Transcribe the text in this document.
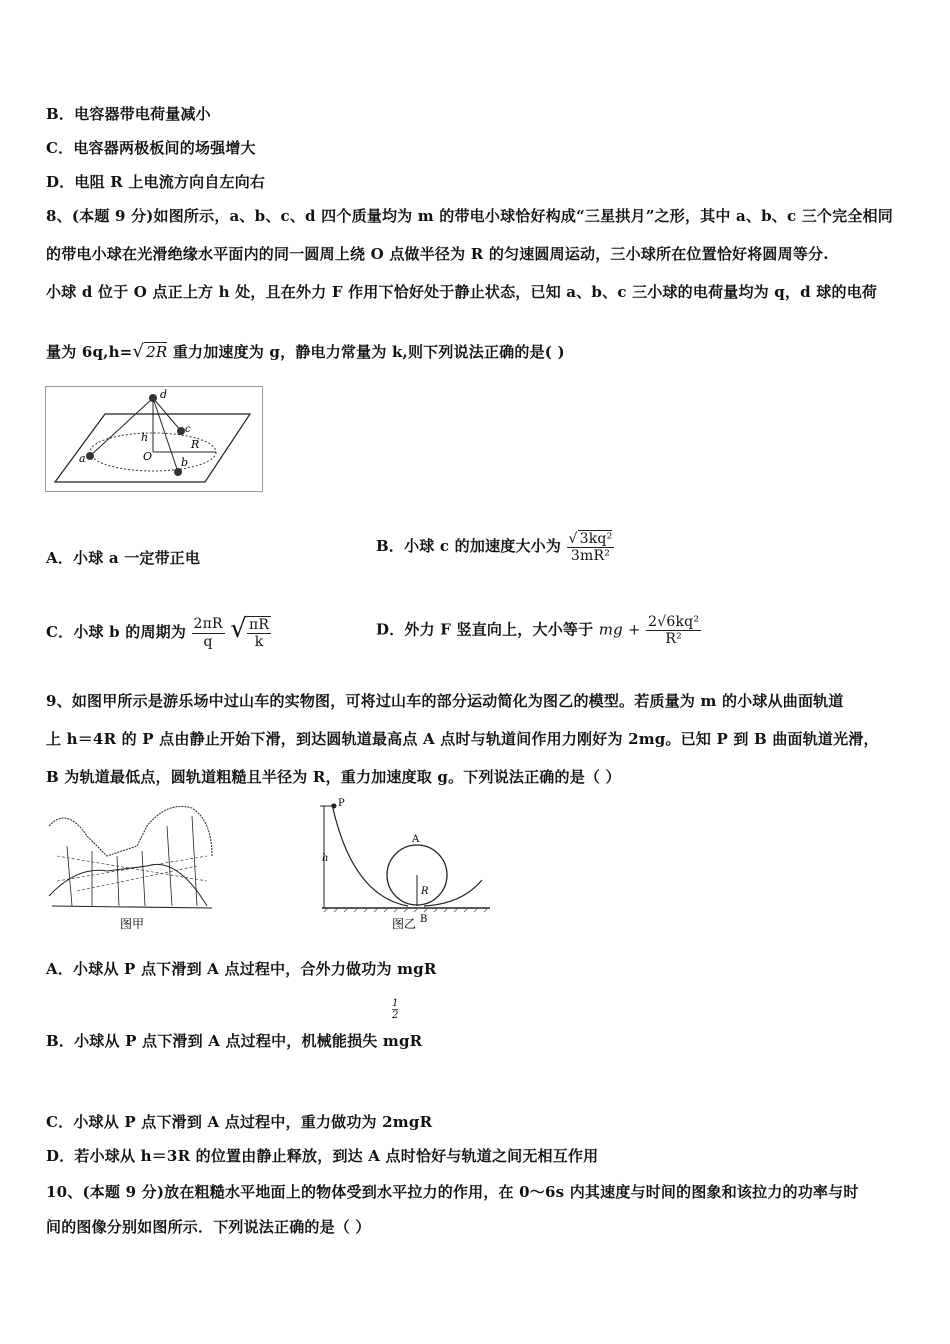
B．电容器带电荷量减小
C．电容器两极板间的场强增大
D．电阻 R 上电流方向自左向右
8、(本题 9 分)如图所示，a、b、c、d 四个质量均为 m 的带电小球恰好构成“三星拱月”之形，其中 a、b、c 三个完全相同
的带电小球在光滑绝缘水平面内的同一圆周上绕 O 点做半径为 R 的匀速圆周运动，三小球所在位置恰好将圆周等分.
小球 d 位于 O 点正上方 h 处，且在外力 F 作用下恰好处于静止状态，已知 a、b、c 三小球的电荷量均为 q，d 球的电荷
量为 6q,h=√ 2R 重力加速度为 g，静电力常量为 k,则下列说法正确的是( )
d
a	b
c
h
O
R
A．小球 a 一定带正电
B．小球 c 的加速度大小为 $\frac{\text{√ 3kq²}}{\text{3mR²}}$
C．小球 b 的周期为 $\frac{2\pi R}{q}$ √ $\frac{\pi R}{k}$	D．外力 F 竖直向上，大小等于 mg + $\frac{\text{2√6kq²}}{\text{R²}}$
9、如图甲所示是游乐场中过山车的实物图，可将过山车的部分运动简化为图乙的模型。若质量为 m 的小球从曲面轨道
上 h＝4R 的 P 点由静止开始下滑，到达圆轨道最高点 A 点时与轨道间作用力刚好为 2mg。已知 P 到 B 曲面轨道光滑，
B 为轨道最低点，圆轨道粗糙且半径为 R，重力加速度取 g。下列说法正确的是（ ）
图甲
P
h
A
R
图乙 B
A．小球从 P 点下滑到 A 点过程中，合外力做功为 mgR
$\frac{1}{2}$
B．小球从 P 点下滑到 A 点过程中，机械能损失 mgR
C．小球从 P 点下滑到 A 点过程中，重力做功为 2mgR
D．若小球从 h＝3R 的位置由静止释放，到达 A 点时恰好与轨道之间无相互作用
10、(本题 9 分)放在粗糙水平地面上的物体受到水平拉力的作用，在 0～6s 内其速度与时间的图象和该拉力的功率与时
间的图像分别如图所示．下列说法正确的是（ ）
